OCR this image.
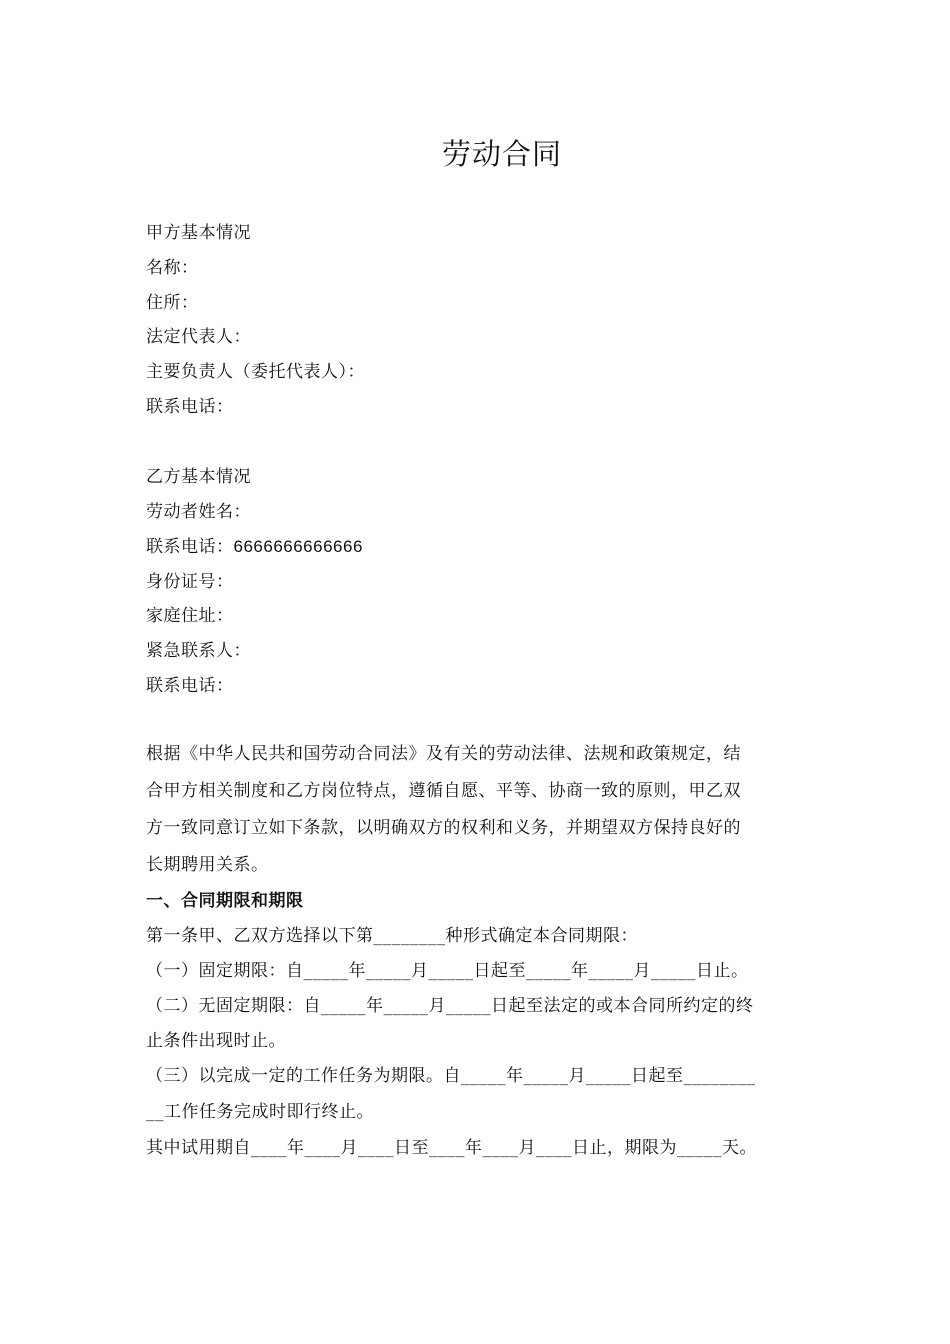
劳动合同
甲方基本情况
名称：
住所：
法定代表人：
主要负责人（委托代表人）：
联系电话：
乙方基本情况
劳动者姓名：
联系电话：6666666666666
身份证号：
家庭住址：
紧急联系人：
联系电话：
根据《中华人民共和国劳动合同法》及有关的劳动法律、法规和政策规定，结
合甲方相关制度和乙方岗位特点，遵循自愿、平等、协商一致的原则，甲乙双
方一致同意订立如下条款，以明确双方的权利和义务，并期望双方保持良好的
长期聘用关系。
一、合同期限和期限
第一条甲、乙双方选择以下第________种形式确定本合同期限：
（一）固定期限：自_____年_____月_____日起至_____年_____月_____日止。
（二）无固定期限：自_____年_____月_____日起至法定的或本合同所约定的终
止条件出现时止。
（三）以完成一定的工作任务为期限。自_____年_____月_____日起至________
__工作任务完成时即行终止。
其中试用期自____年____月____日至____年____月____日止，期限为_____天。
